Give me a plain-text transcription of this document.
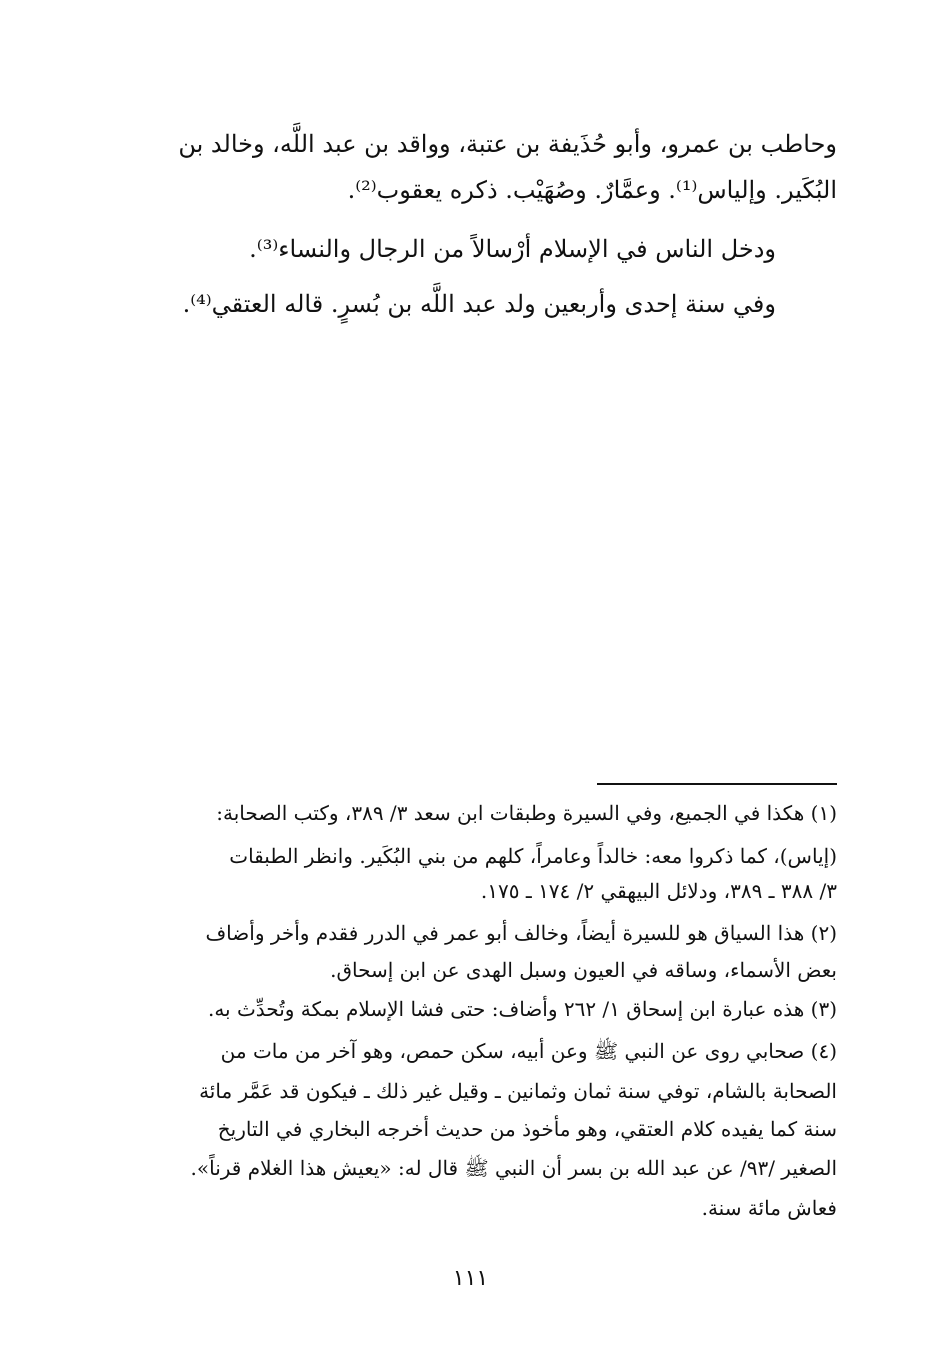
وحاطب بن عمرو، وأبو حُذَيفة بن عتبة، وواقد بن عبد اللَّه، وخالد بن
البُكَير. وإلياس⁽¹⁾. وعمَّارٌ. وصُهَيْب. ذكره يعقوب⁽²⁾.
ودخل الناس في الإسلام أرْسالاً من الرجال والنساء⁽³⁾.
وفي سنة إحدى وأربعين ولد عبد اللَّه بن بُسرٍ. قاله العتقي⁽⁴⁾.
(١) هكذا في الجميع، وفي السيرة وطبقات ابن سعد ٣/ ٣٨٩، وكتب الصحابة:
(إياس)، كما ذكروا معه: خالداً وعامراً، كلهم من بني البُكَير. وانظر الطبقات
٣/ ٣٨٨ ـ ٣٨٩، ودلائل البيهقي ٢/ ١٧٤ ـ ١٧٥.
(٢) هذا السياق هو للسيرة أيضاً، وخالف أبو عمر في الدرر فقدم وأخر وأضاف
بعض الأسماء، وساقه في العيون وسبل الهدى عن ابن إسحاق.
(٣) هذه عبارة ابن إسحاق ١/ ٢٦٢ وأضاف: حتى فشا الإسلام بمكة وتُحدِّث به.
(٤) صحابي روى عن النبي ﷺ وعن أبيه، سكن حمص، وهو آخر من مات من
الصحابة بالشام، توفي سنة ثمان وثمانين ـ وقيل غير ذلك ـ فيكون قد عَمَّر مائة
سنة كما يفيده كلام العتقي، وهو مأخوذ من حديث أخرجه البخاري في التاريخ
الصغير /٩٣/ عن عبد الله بن بسر أن النبي ﷺ قال له: «يعيش هذا الغلام قرناً».
فعاش مائة سنة.
١١١
